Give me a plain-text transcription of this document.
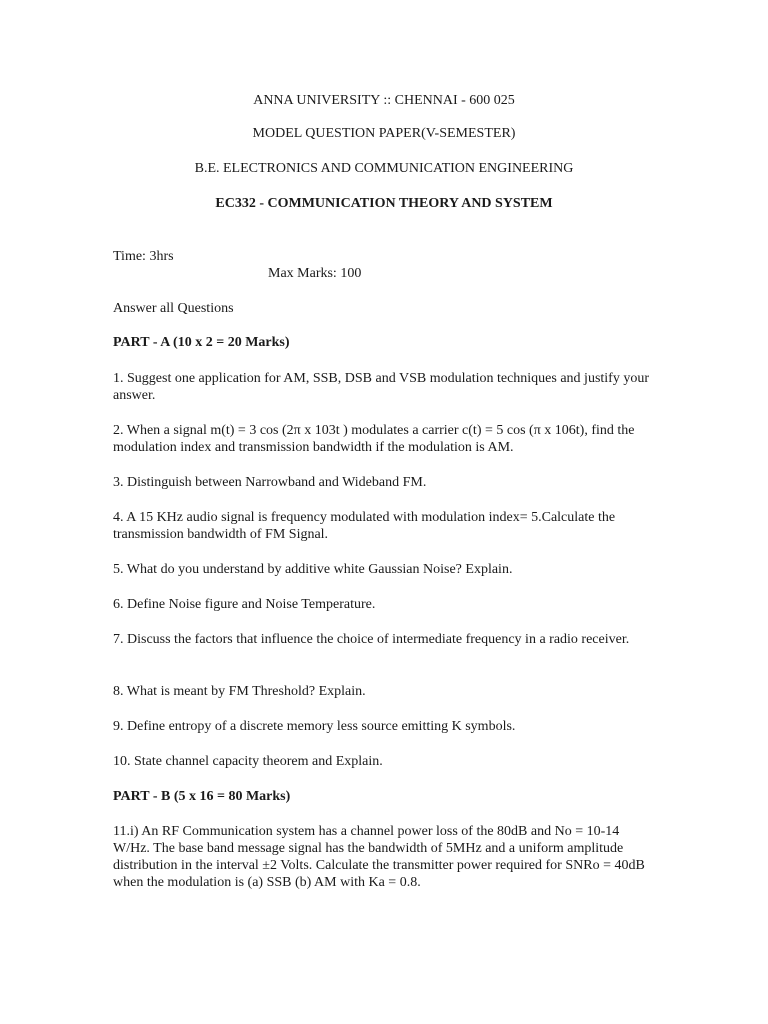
ANNA UNIVERSITY :: CHENNAI - 600 025
MODEL QUESTION PAPER(V-SEMESTER)
B.E. ELECTRONICS AND COMMUNICATION ENGINEERING
EC332 - COMMUNICATION THEORY AND SYSTEM
Time: 3hrs
Max Marks: 100
Answer all Questions
PART - A (10 x 2 = 20 Marks)
1. Suggest one application for AM, SSB, DSB and VSB modulation techniques and justify your answer.
2. When a signal m(t) = 3 cos (2π x 103t ) modulates a carrier c(t) = 5 cos (π x 106t), find the modulation index and transmission bandwidth if the modulation is AM.
3. Distinguish between Narrowband and Wideband FM.
4. A 15 KHz audio signal is frequency modulated with modulation index= 5.Calculate the transmission bandwidth of FM Signal.
5. What do you understand by additive white Gaussian Noise? Explain.
6. Define Noise figure and Noise Temperature.
7. Discuss the factors that influence the choice of intermediate frequency in a radio receiver.
8. What is meant by FM Threshold? Explain.
9. Define entropy of a discrete memory less source emitting K symbols.
10. State channel capacity theorem and Explain.
PART - B (5 x 16 = 80 Marks)
11.i) An RF Communication system has a channel power loss of the 80dB and No = 10-14 W/Hz. The base band message signal has the bandwidth of 5MHz and a uniform amplitude distribution in the interval ±2 Volts. Calculate the transmitter power required for SNRo = 40dB when the modulation is (a) SSB (b) AM with Ka = 0.8.
